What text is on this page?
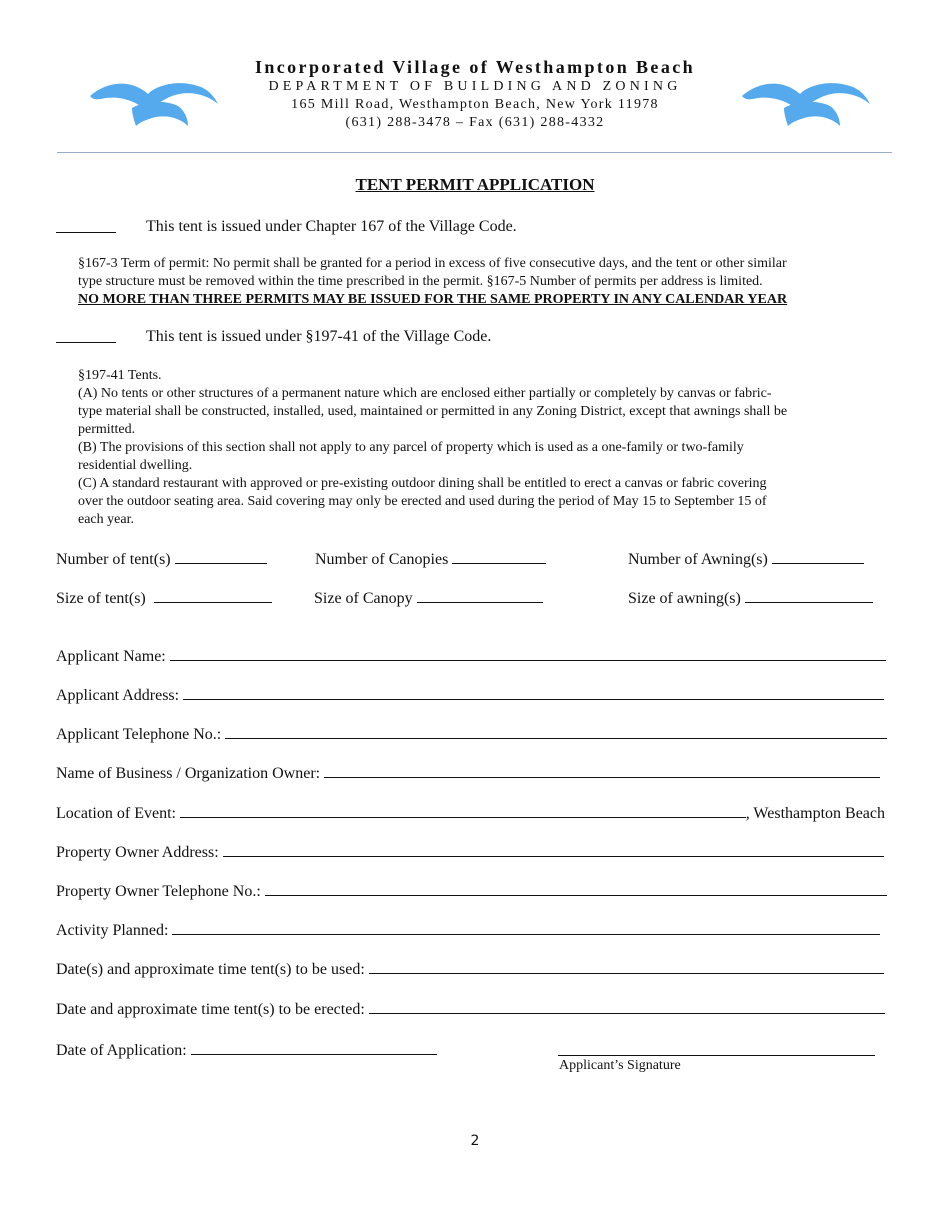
Incorporated Village of Westhampton Beach
DEPARTMENT OF BUILDING AND ZONING
165 Mill Road, Westhampton Beach, New York 11978
(631) 288-3478 – Fax (631) 288-4332
TENT PERMIT APPLICATION
This tent is issued under Chapter 167 of the Village Code.
§167-3 Term of permit: No permit shall be granted for a period in excess of five consecutive days, and the tent or other similar
type structure must be removed within the time prescribed in the permit. §167-5 Number of permits per address is limited.
NO MORE THAN THREE PERMITS MAY BE ISSUED FOR THE SAME PROPERTY IN ANY CALENDAR YEAR
This tent is issued under §197-41 of the Village Code.
§197-41 Tents.
(A) No tents or other structures of a permanent nature which are enclosed either partially or completely by canvas or fabric-
type material shall be constructed, installed, used, maintained or permitted in any Zoning District, except that awnings shall be
permitted.
(B) The provisions of this section shall not apply to any parcel of property which is used as a one-family or two-family
residential dwelling.
(C) A standard restaurant with approved or pre-existing outdoor dining shall be entitled to erect a canvas or fabric covering
over the outdoor seating area. Said covering may only be erected and used during the period of May 15 to September 15 of
each year.
Number of tent(s)	Number of Canopies	Number of Awning(s)
Size of tent(s)	Size of Canopy	Size of awning(s)
Applicant Name:
Applicant Address:
Applicant Telephone No.:
Name of Business / Organization Owner:
Location of Event:	, Westhampton Beach
Property Owner Address:
Property Owner Telephone No.:
Activity Planned:
Date(s) and approximate time tent(s) to be used:
Date and approximate time tent(s) to be erected:
Date of Application:
Applicant’s Signature
2
